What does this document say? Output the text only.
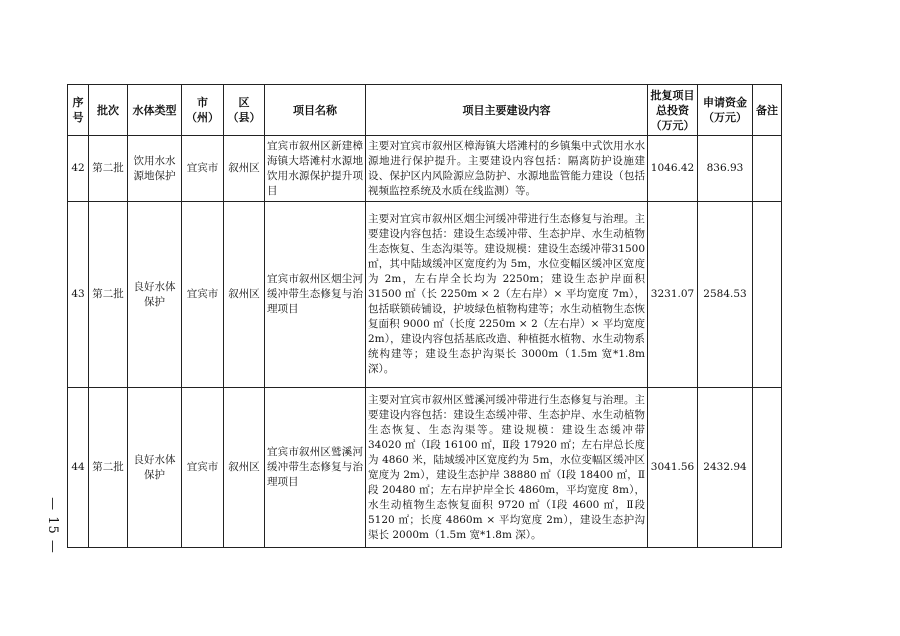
序号	批次	水体类型	市（州）	区（县）	项目名称	项目主要建设内容	批复项目总投资（万元）	申请资金（万元）	备注
42	第二批	饮用水水源地保护	宜宾市	叙州区	宜宾市叙州区新建樟海镇大塔滩村水源地饮用水源保护提升项目	主要对宜宾市叙州区樟海镇大塔滩村的乡镇集中式饮用水水源地进行保护提升。主要建设内容包括：隔离防护设施建设、保护区内风险源应急防护、水源地监管能力建设（包括视频监控系统及水质在线监测）等。	1046.42	836.93	
43	第二批	良好水体保护	宜宾市	叙州区	宜宾市叙州区烟尘河缓冲带生态修复与治理项目	主要对宜宾市叙州区烟尘河缓冲带进行生态修复与治理。主要建设内容包括：建设生态缓冲带、生态护岸、水生动植物生态恢复、生态沟渠等。建设规模：建设生态缓冲带31500 ㎡，其中陆域缓冲区宽度约为 5m，水位变幅区缓冲区宽度为 2m，左右岸全长均为 2250m；建设生态护岸面积 31500 ㎡（长 2250m × 2（左右岸）× 平均宽度 7m），包括联锁砖铺设，护坡绿色植物构建等；水生动植物生态恢复面积 9000 ㎡（长度 2250m × 2（左右岸）× 平均宽度 2m），建设内容包括基底改造、种植挺水植物、水生动物系统构建等；建设生态护沟渠长 3000m（1.5m 宽*1.8m 深）。	3231.07	2584.53	
44	第二批	良好水体保护	宜宾市	叙州区	宜宾市叙州区鹫溪河缓冲带生态修复与治理项目	主要对宜宾市叙州区鹫溪河缓冲带进行生态修复与治理。主要建设内容包括：建设生态缓冲带、生态护岸、水生动植物生态恢复、生态沟渠等。建设规模：建设生态缓冲带 34020 ㎡（Ⅰ段 16100 ㎡，Ⅱ段 17920 ㎡；左右岸总长度为 4860 米，陆域缓冲区宽度约为 5m，水位变幅区缓冲区宽度为 2m），建设生态护岸 38880 ㎡（Ⅰ段 18400 ㎡，Ⅱ段 20480 ㎡；左右岸护岸全长 4860m，平均宽度 8m），水生动植物生态恢复面积 9720 ㎡（Ⅰ段 4600 ㎡，Ⅱ段 5120 ㎡；长度 4860m × 平均宽度 2m），建设生态护沟渠长 2000m（1.5m 宽*1.8m 深）。	3041.56	2432.94	
— 15 —
